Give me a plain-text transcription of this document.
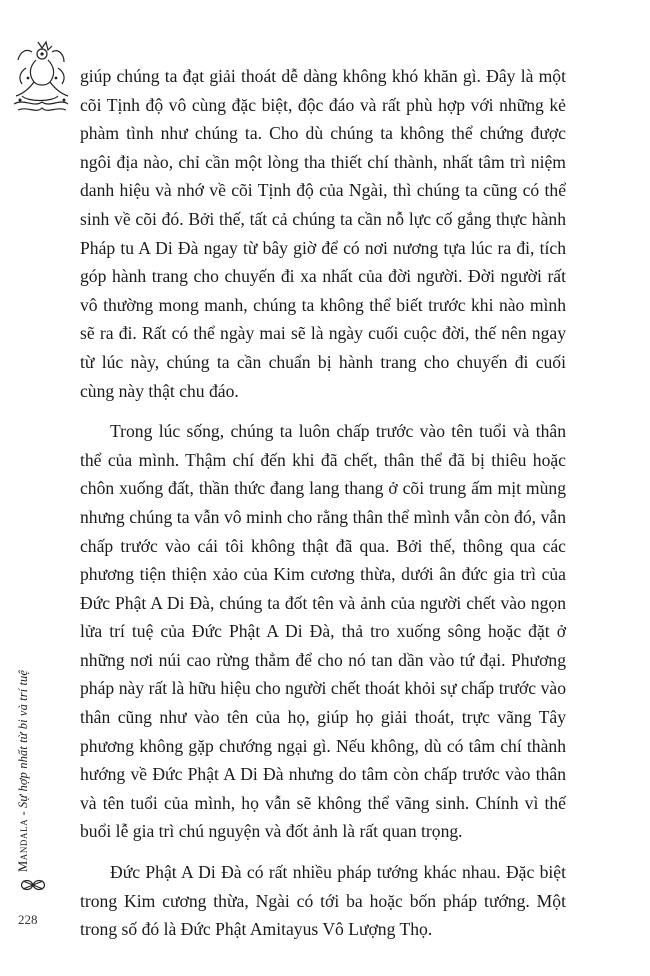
Mandala - Sự hợp nhất từ bi và trí tuệ
228

giúp chúng ta đạt giải thoát dễ dàng không khó khăn gì. Đây là một cõi Tịnh độ vô cùng đặc biệt, độc đáo và rất phù hợp với những kẻ phàm tình như chúng ta. Cho dù chúng ta không thể chứng được ngôi địa nào, chỉ cần một lòng tha thiết chí thành, nhất tâm trì niệm danh hiệu và nhớ về cõi Tịnh độ của Ngài, thì chúng ta cũng có thể sinh về cõi đó. Bởi thế, tất cả chúng ta cần nỗ lực cố gắng thực hành Pháp tu A Di Đà ngay từ bây giờ để có nơi nương tựa lúc ra đi, tích góp hành trang cho chuyến đi xa nhất của đời người. Đời người rất vô thường mong manh, chúng ta không thể biết trước khi nào mình sẽ ra đi. Rất có thể ngày mai sẽ là ngày cuối cuộc đời, thế nên ngay từ lúc này, chúng ta cần chuẩn bị hành trang cho chuyến đi cuối cùng này thật chu đáo.

Trong lúc sống, chúng ta luôn chấp trước vào tên tuổi và thân thể của mình. Thậm chí đến khi đã chết, thân thể đã bị thiêu hoặc chôn xuống đất, thần thức đang lang thang ở cõi trung ấm mịt mùng nhưng chúng ta vẫn vô minh cho rằng thân thể mình vẫn còn đó, vẫn chấp trước vào cái tôi không thật đã qua. Bởi thế, thông qua các phương tiện thiện xảo của Kim cương thừa, dưới ân đức gia trì của Đức Phật A Di Đà, chúng ta đốt tên và ảnh của người chết vào ngọn lửa trí tuệ của Đức Phật A Di Đà, thả tro xuống sông hoặc đặt ở những nơi núi cao rừng thẳm để cho nó tan dần vào tứ đại. Phương pháp này rất là hữu hiệu cho người chết thoát khỏi sự chấp trước vào thân cũng như vào tên của họ, giúp họ giải thoát, trực vãng Tây phương không gặp chướng ngại gì. Nếu không, dù có tâm chí thành hướng về Đức Phật A Di Đà nhưng do tâm còn chấp trước vào thân và tên tuổi của mình, họ vẫn sẽ không thể vãng sinh. Chính vì thế buổi lễ gia trì chú nguyện và đốt ảnh là rất quan trọng.

Đức Phật A Di Đà có rất nhiều pháp tướng khác nhau. Đặc biệt trong Kim cương thừa, Ngài có tới ba hoặc bốn pháp tướng. Một trong số đó là Đức Phật Amitayus Vô Lượng Thọ.
